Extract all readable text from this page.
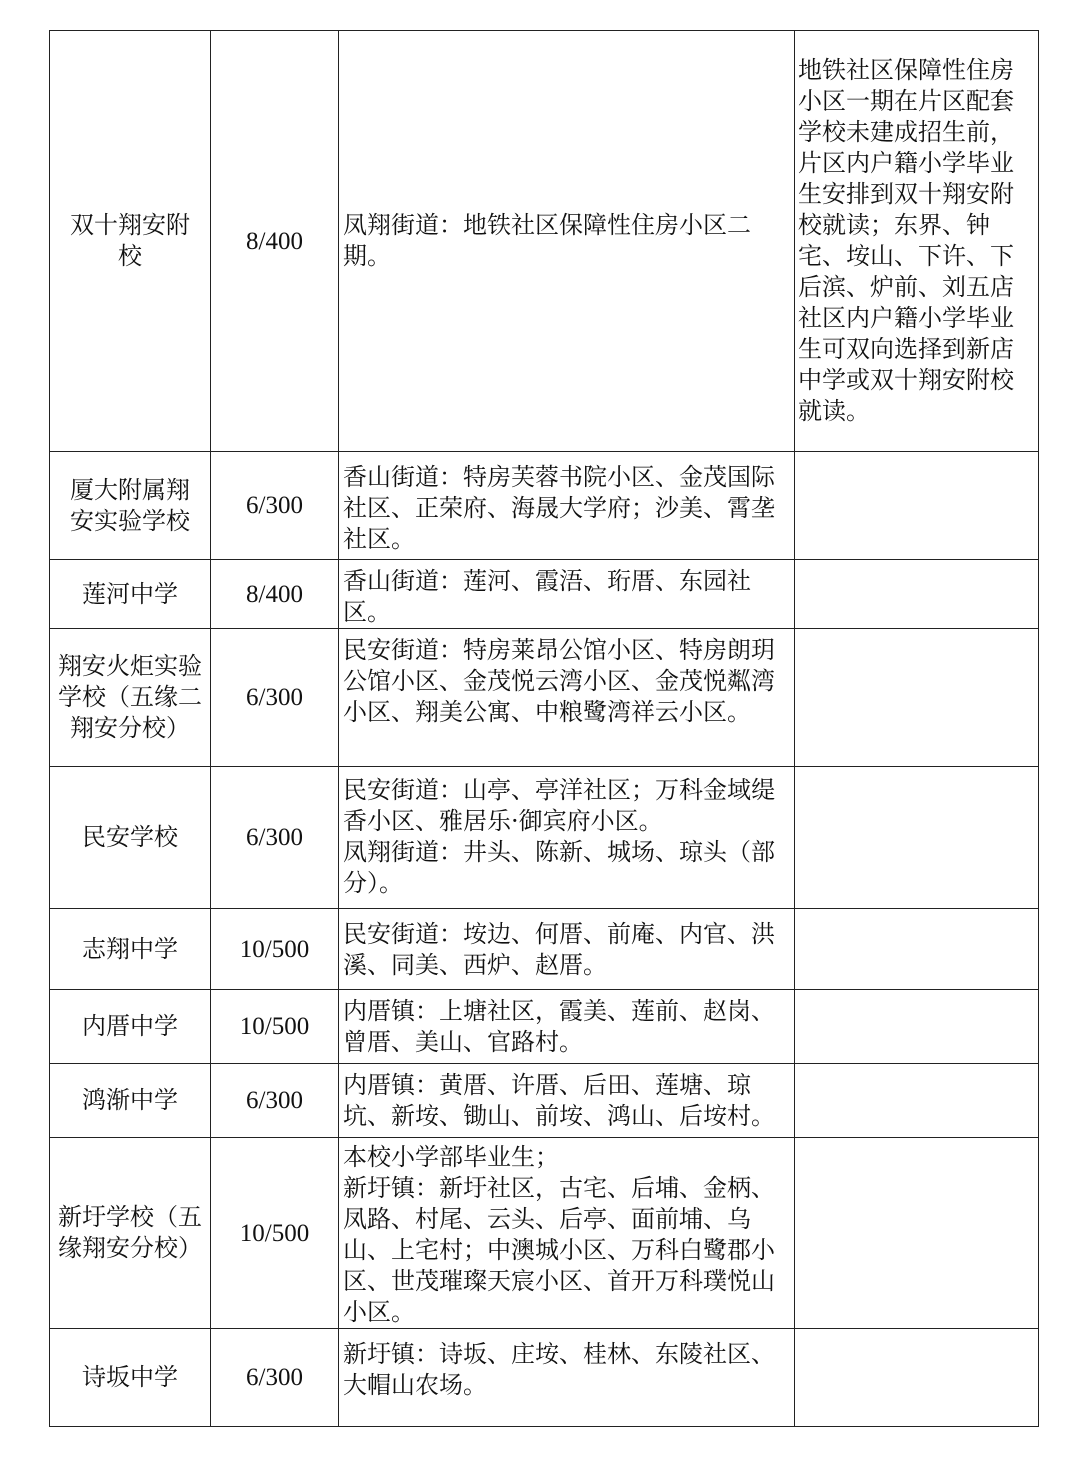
双十翔安附校	8/400	凤翔街道：地铁社区保障性住房小区二期。	地铁社区保障性住房小区一期在片区配套学校未建成招生前，片区内户籍小学毕业生安排到双十翔安附校就读；东界、钟宅、垵山、下许、下后滨、炉前、刘五店社区内户籍小学毕业生可双向选择到新店中学或双十翔安附校就读。
厦大附属翔安实验学校	6/300	香山街道：特房芙蓉书院小区、金茂国际社区、正荣府、海晟大学府；沙美、霄垄社区。	

莲河中学	8/400	香山街道：莲河、霞浯、珩厝、东园社区。	

翔安火炬实验学校（五缘二翔安分校）	6/300	民安街道：特房莱昂公馆小区、特房朗玥公馆小区、金茂悦云湾小区、金茂悦粼湾小区、翔美公寓、中粮鹭湾祥云小区。	

民安学校	6/300	民安街道：山亭、亭洋社区；万科金域缇香小区、雅居乐·御宾府小区。
凤翔街道：井头、陈新、城场、琼头（部分）。	

志翔中学	10/500	民安街道：垵边、何厝、前庵、内官、洪溪、同美、西炉、赵厝。	

内厝中学	10/500	内厝镇：上塘社区，霞美、莲前、赵岗、曾厝、美山、官路村。	

鸿渐中学	6/300	内厝镇：黄厝、许厝、后田、莲塘、琼坑、新垵、锄山、前垵、鸿山、后垵村。	

新圩学校（五缘翔安分校）	10/500	本校小学部毕业生；
新圩镇：新圩社区，古宅、后埔、金柄、凤路、村尾、云头、后亭、面前埔、乌山、上宅村；中澳城小区、万科白鹭郡小区、世茂璀璨天宸小区、首开万科璞悦山小区。	

诗坂中学	6/300	新圩镇：诗坂、庄垵、桂林、东陵社区、大帽山农场。	
